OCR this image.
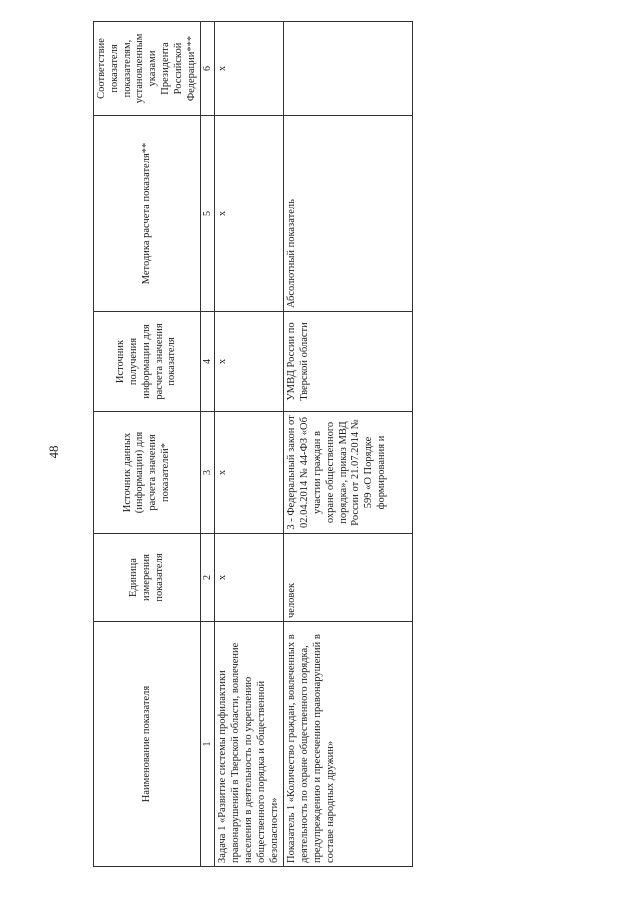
48
Наименование показателя	Единица измерения показателя	Источник данных (информации) для расчета значения показателей*	Источник получения информации для расчета значения показателя	Методика расчета показателя**	Соответствие показателя показателям, установленным указами Президента Российской Федерации***
1	2	3	4	5	6
Задача 1 «Развитие системы профилактики правонарушений в Тверской области, вовлечение населения в деятельность по укреплению общественного порядка и общественной безопасности»	х	х	х	х	х
Показатель 1 «Количество граждан, вовлеченных в деятельность по охране общественного порядка, предупреждению и пресечению правонарушений в составе народных дружин»	человек	3 - Федеральный закон от 02.04.2014 № 44-ФЗ «Об участии граждан в охране общественного порядка», приказ МВД России от 21.07.2014 № 599 «О Порядке формирования и	УМВД России по Тверской области	Абсолютный показатель	
